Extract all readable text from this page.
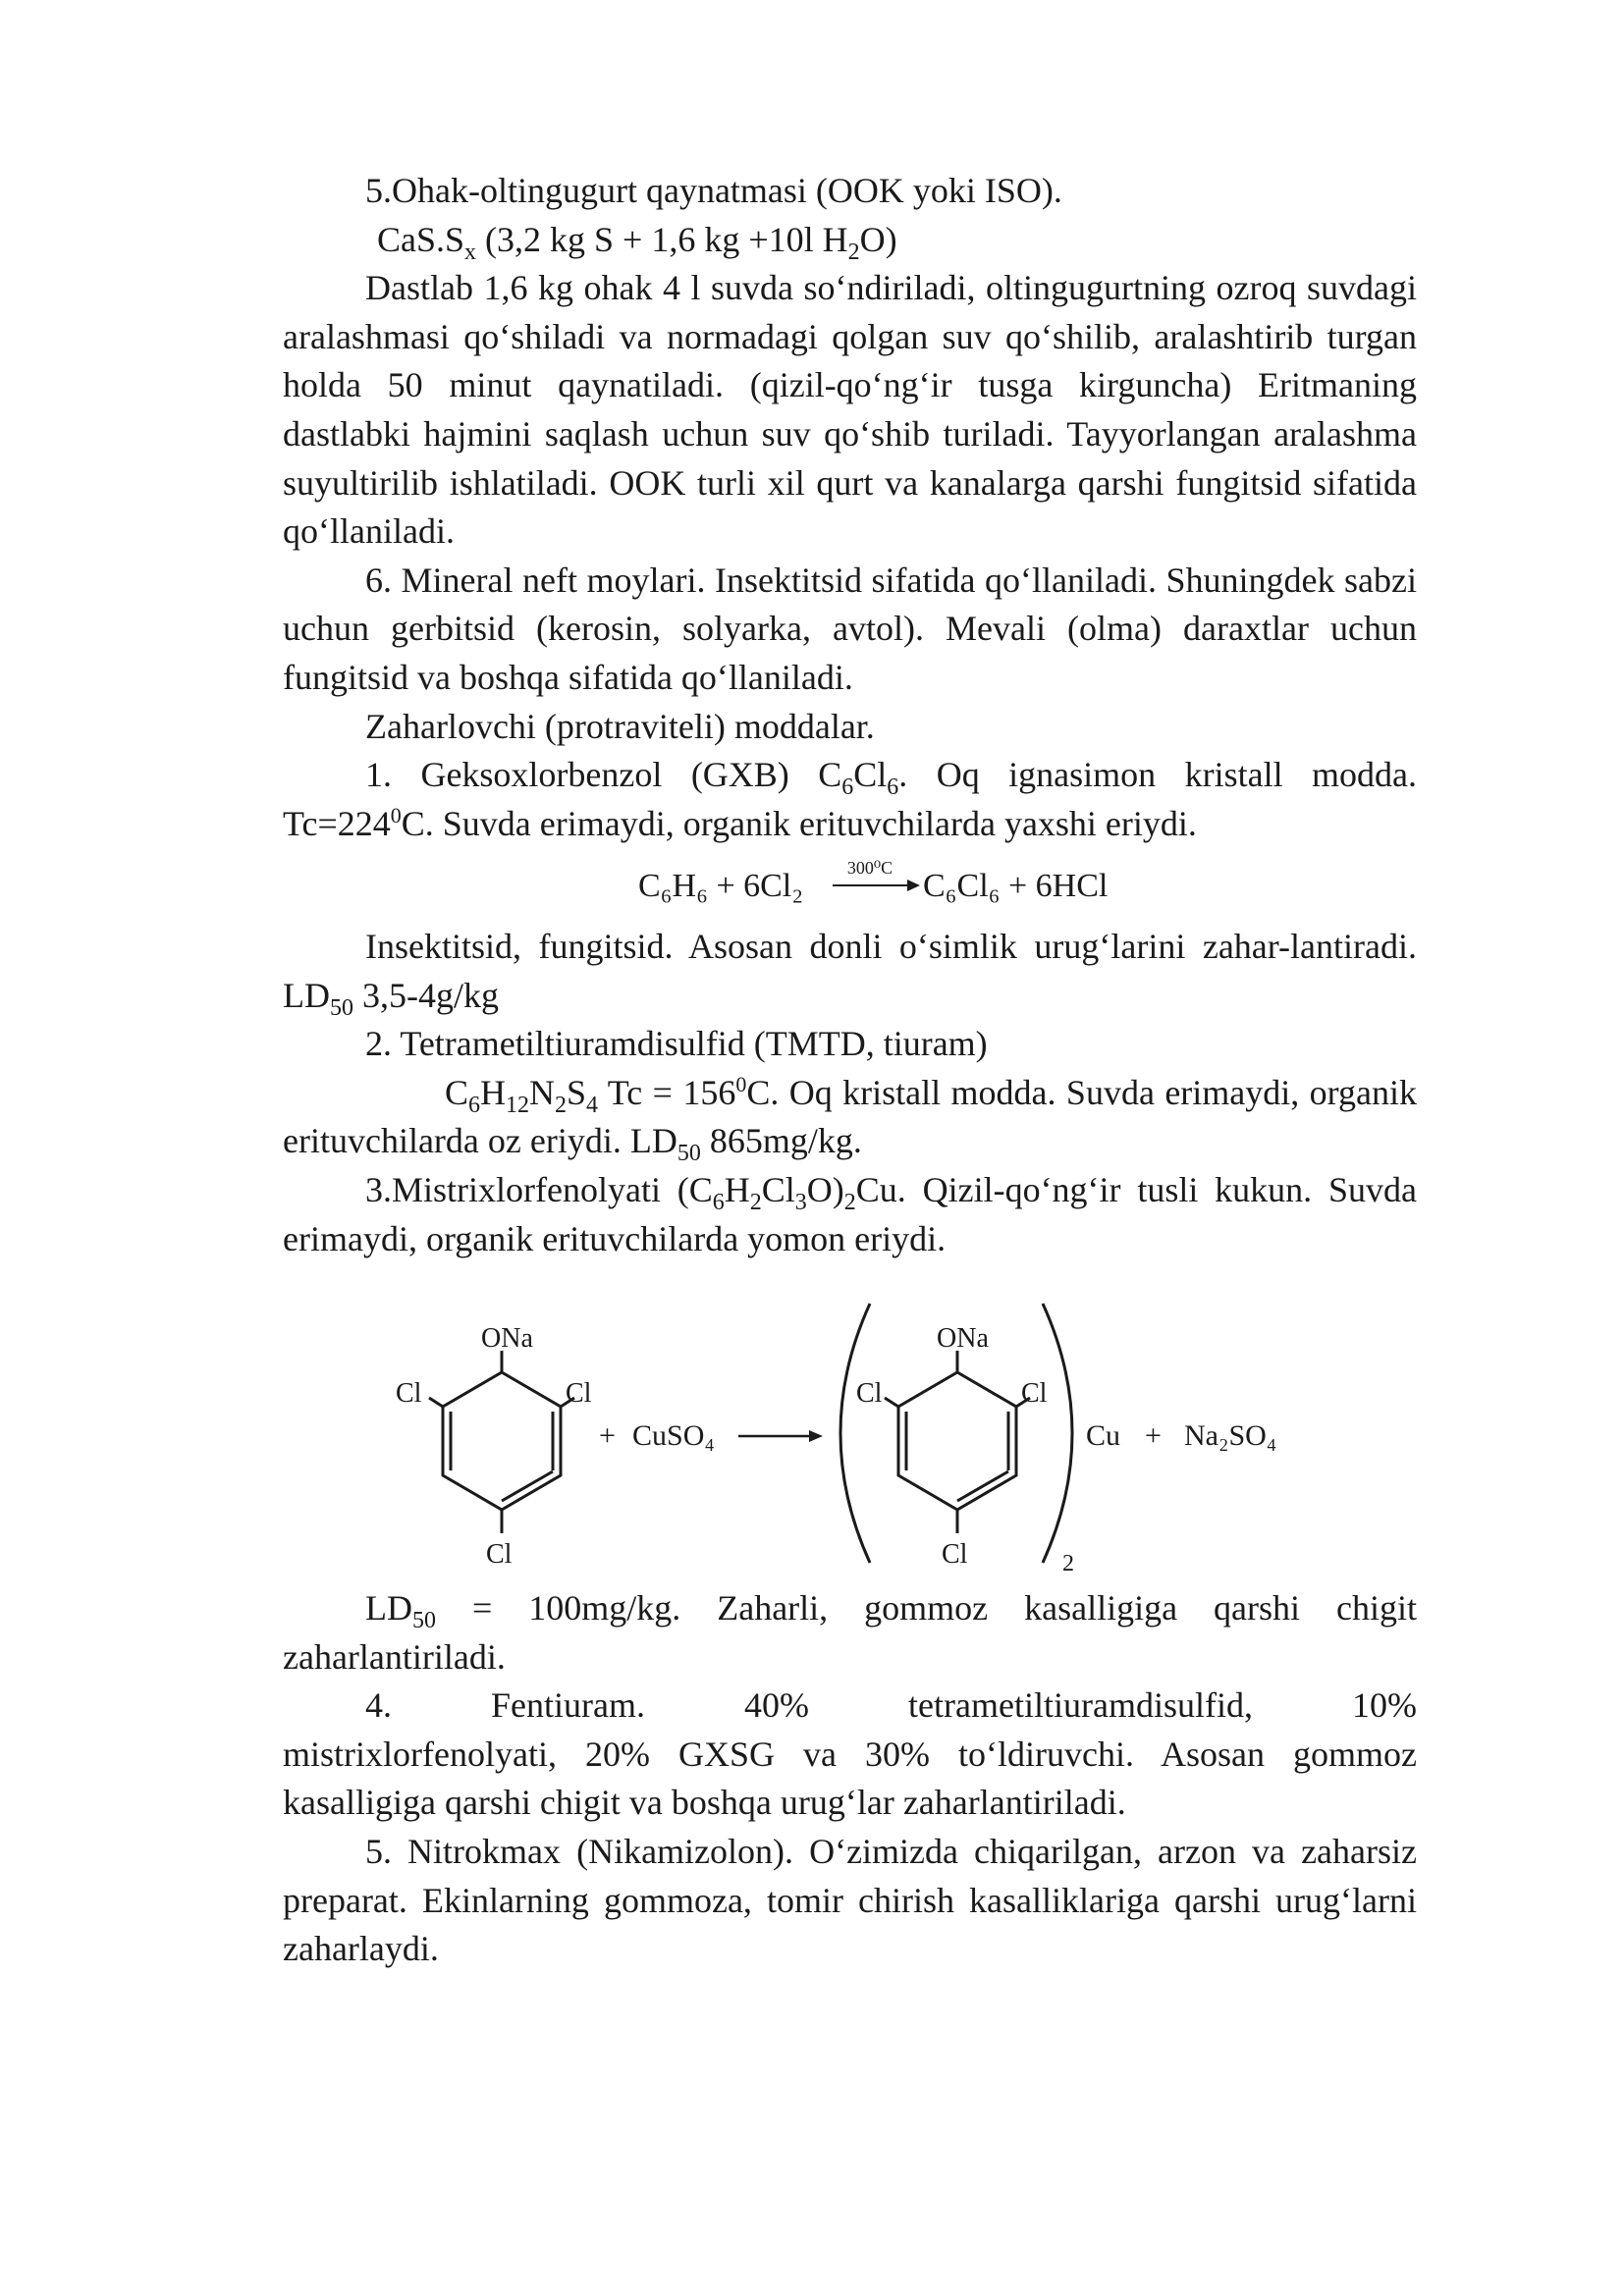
5.Ohak-oltingugurt qaynatmasi (OOK yoki ISO).

$CaS.S_x$ (3,2 kg S + 1,6 kg +10l $H_2O$)

Dastlab 1,6 kg ohak 4 l suvda so‘ndiriladi, oltingugurtning ozroq suvdagi aralashmasi qo‘shiladi va normadagi qolgan suv qo‘shilib, aralashtirib turgan holda 50 minut qaynatiladi. (qizil-qo‘ng‘ir tusga kirguncha) Eritmaning dastlabki hajmini saqlash uchun suv qo‘shib turiladi. Tayyorlangan aralashma suyultirilib ishlatiladi. OOK turli xil qurt va kanalarga qarshi fungitsid sifatida qo‘llaniladi.

6. Mineral neft moylari. Insektitsid sifatida qo‘llaniladi. Shuningdek sabzi uchun gerbitsid (kerosin, solyarka, avtol). Mevali (olma) daraxtlar uchun fungitsid va boshqa sifatida qo‘llaniladi.

Zaharlovchi (protraviteli) moddalar.

1. Geksoxlorbenzol (GXB) $C_6Cl_6$. Oq ignasimon kristall modda. $Tc=224^0C$. Suvda erimaydi, organik erituvchilarda yaxshi eriydi.

C₆H₆ + 6Cl₂ 300⁰C C₆Cl₆ + 6HCl

Insektitsid, fungitsid. Asosan donli o‘simlik urug‘larini zahar-lantiradi. $LD_{50}$ 3,5-4g/kg

2. Tetrametiltiuramdisulfid (TMTD, tiuram)

$C_6H_{12}N_2S_4$ $Tc = 156^0C$. Oq kristall modda. Suvda erimaydi, organik erituvchilarda oz eriydi. $LD_{50}$ 865mg/kg.

3.Mistrixlorfenolyati $(C_6H_2Cl_3O)_2Cu$. Qizil-qo‘ng‘ir tusli kukun. Suvda erimaydi, organik erituvchilarda yomon eriydi.

ONa
Cl	Cl
Cl
+ CuSO₄
ONa
Cl	Cl
Cl	2
Cu + Na₂SO₄

$LD_{50} = 100mg/kg$. Zaharli, gommoz kasalligiga qarshi chigit zaharlantiriladi.

4.	Fentiuram.	40%	tetrametiltiuramdisulfid,	10%

mistrixlorfenolyati, 20% GXSG va 30% to‘ldiruvchi. Asosan gommoz kasalligiga qarshi chigit va boshqa urug‘lar zaharlantiriladi.

5. Nitrokmax (Nikamizolon). O‘zimizda chiqarilgan, arzon va zaharsiz preparat. Ekinlarning gommoza, tomir chirish kasalliklariga qarshi urug‘larni zaharlaydi.
